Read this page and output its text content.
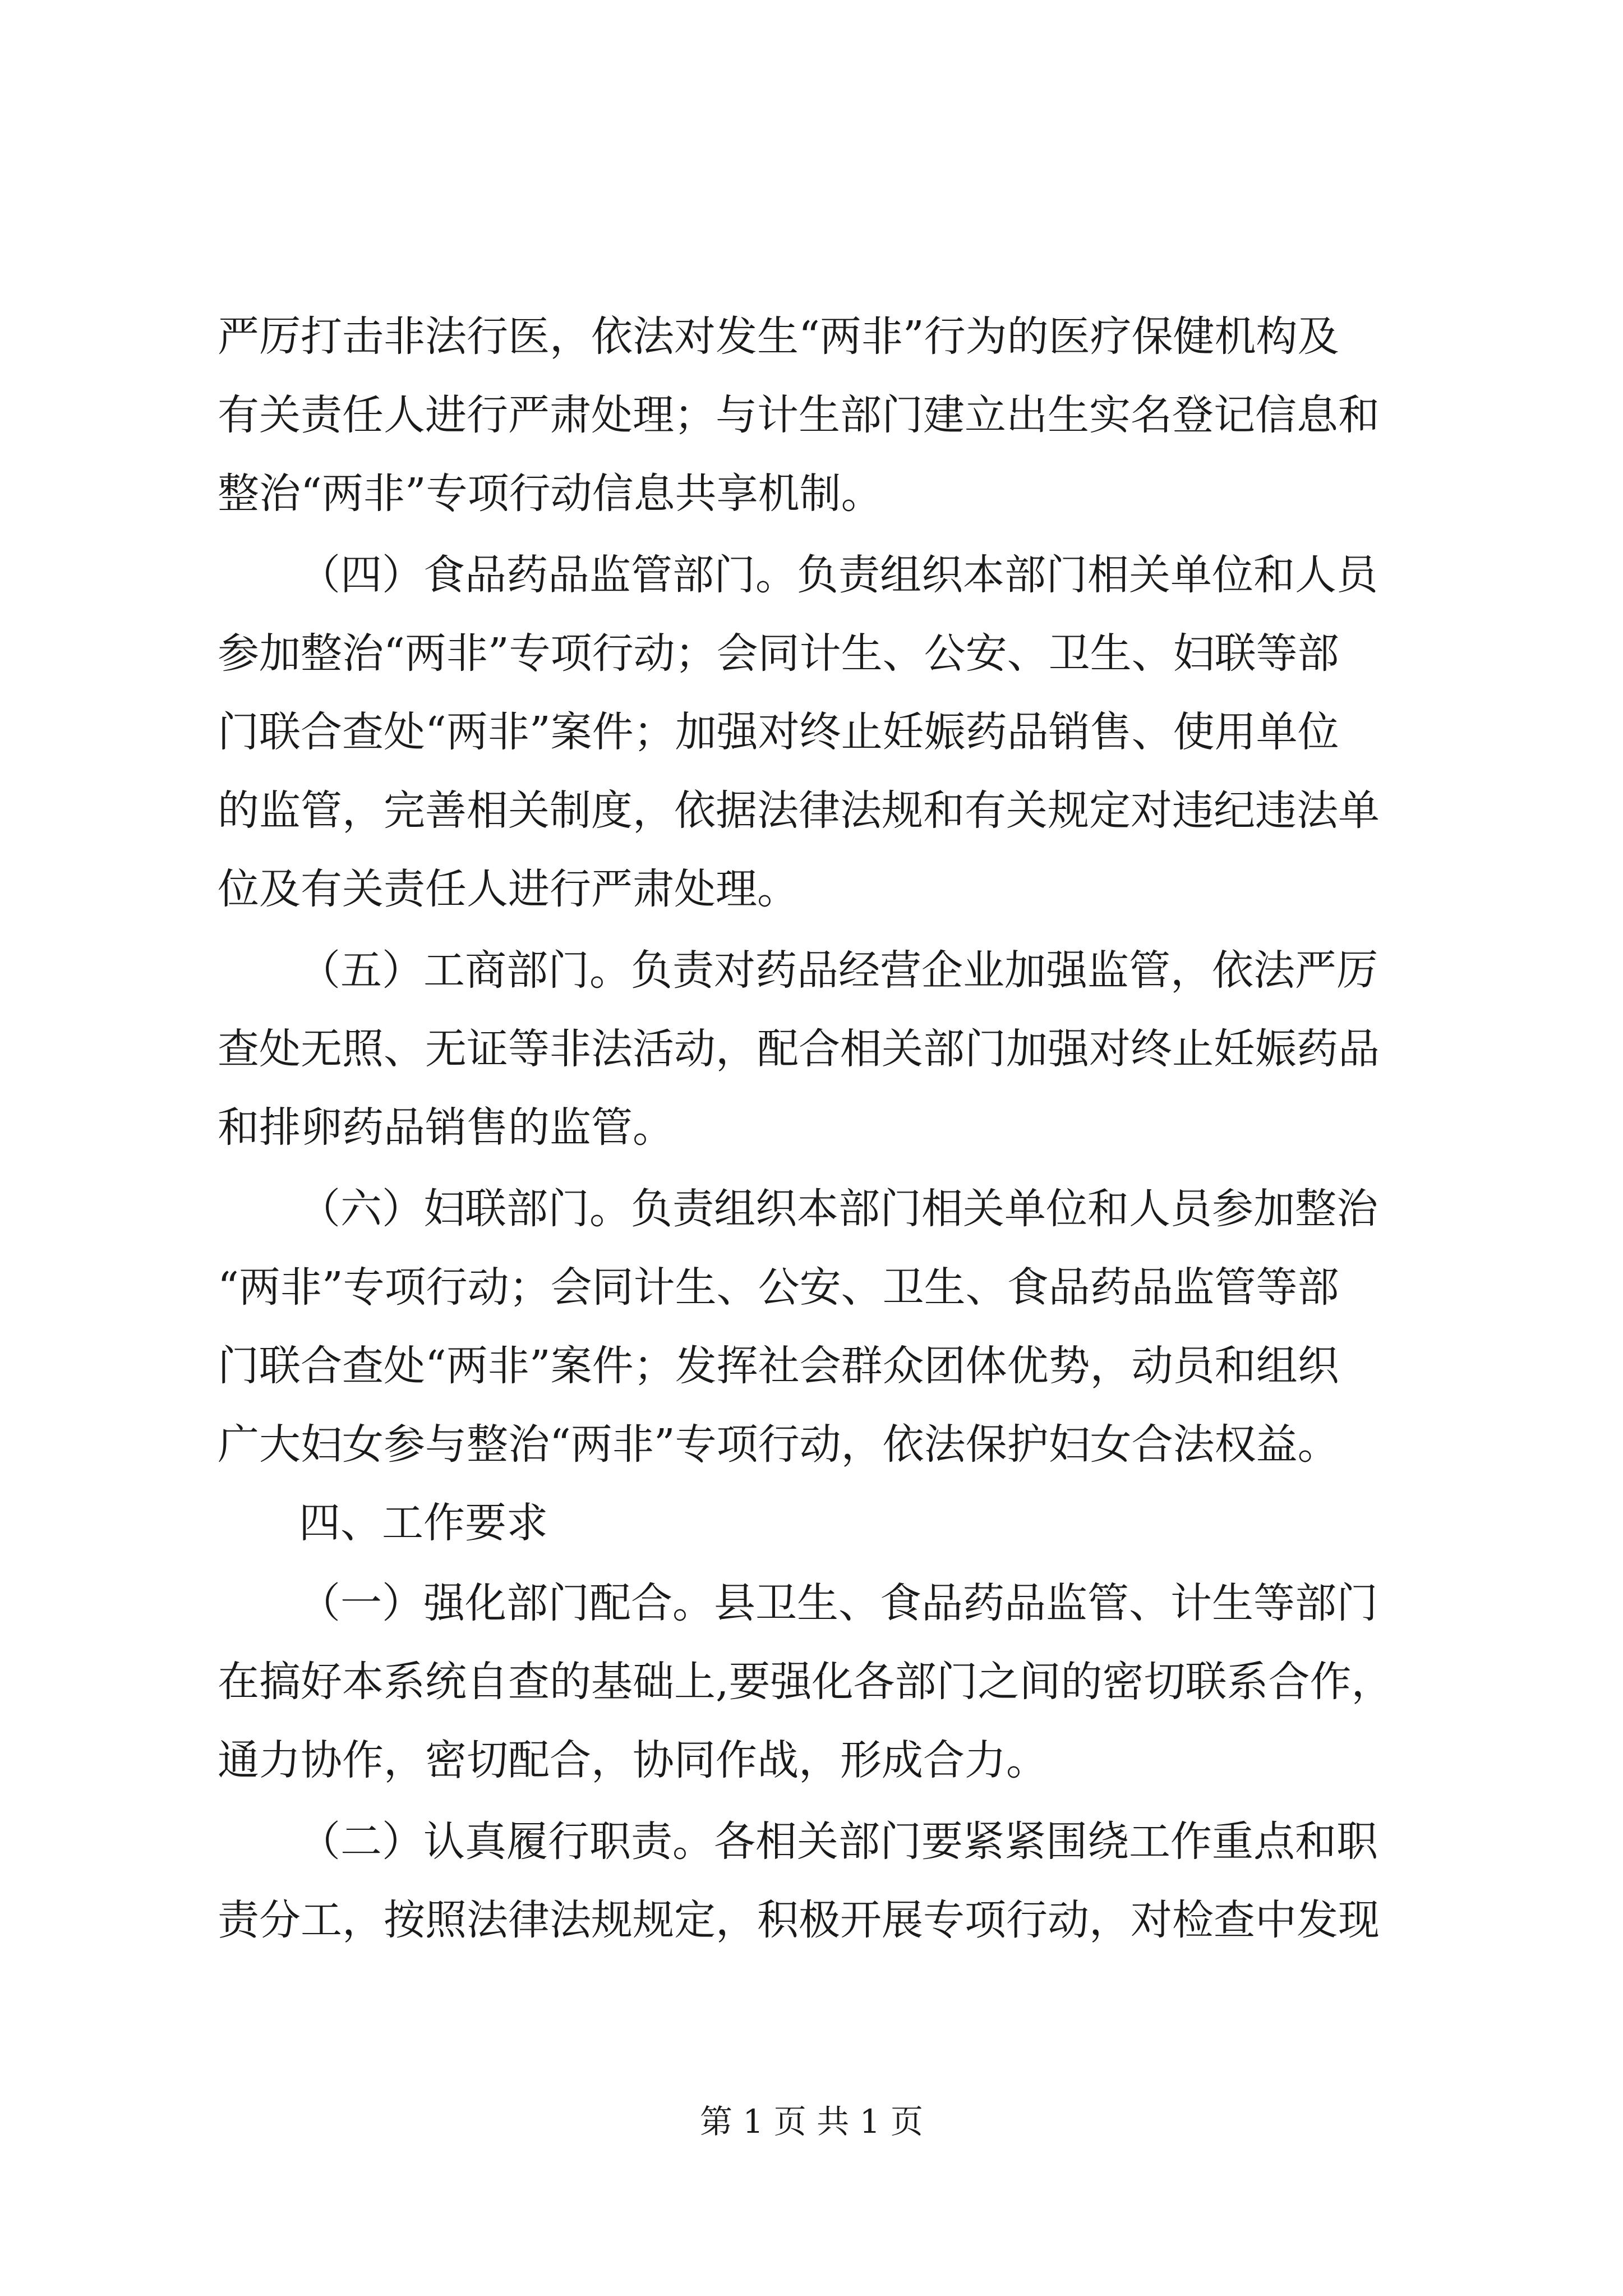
严厉打击非法行医，依法对发生“两非”行为的医疗保健机构及
有关责任人进行严肃处理；与计生部门建立出生实名登记信息和
整治“两非”专项行动信息共享机制。
（四）食品药品监管部门。负责组织本部门相关单位和人员
参加整治“两非”专项行动；会同计生、公安、卫生、妇联等部
门联合查处“两非”案件；加强对终止妊娠药品销售、使用单位
的监管，完善相关制度，依据法律法规和有关规定对违纪违法单
位及有关责任人进行严肃处理。
（五）工商部门。负责对药品经营企业加强监管，依法严厉
查处无照、无证等非法活动，配合相关部门加强对终止妊娠药品
和排卵药品销售的监管。
（六）妇联部门。负责组织本部门相关单位和人员参加整治
“两非”专项行动；会同计生、公安、卫生、食品药品监管等部
门联合查处“两非”案件；发挥社会群众团体优势，动员和组织
广大妇女参与整治“两非”专项行动，依法保护妇女合法权益。
四、工作要求
（一）强化部门配合。县卫生、食品药品监管、计生等部门
在搞好本系统自查的基础上,要强化各部门之间的密切联系合作，
通力协作，密切配合，协同作战，形成合力。
（二）认真履行职责。各相关部门要紧紧围绕工作重点和职
责分工，按照法律法规规定，积极开展专项行动，对检查中发现
第 1 页 共 1 页
